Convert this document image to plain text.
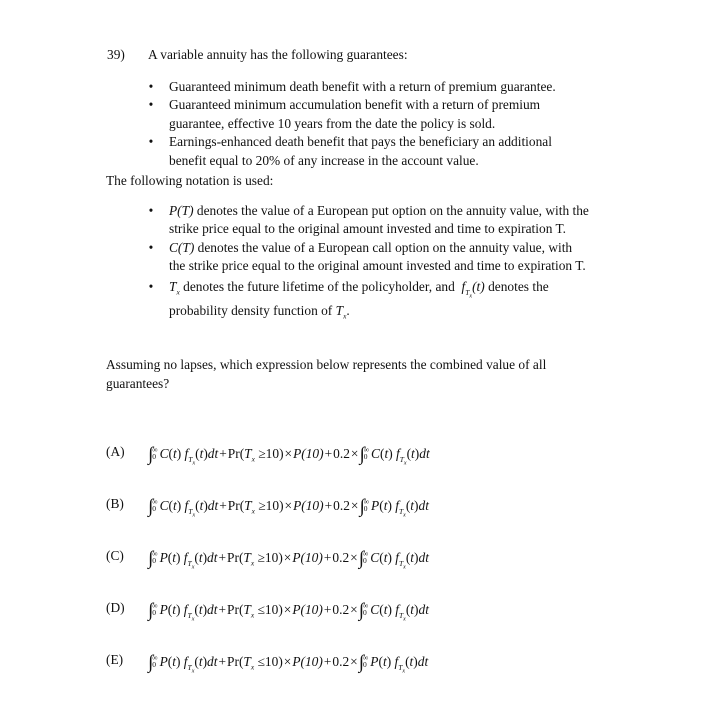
39) A variable annuity has the following guarantees:
• Guaranteed minimum death benefit with a return of premium guarantee.
• Guaranteed minimum accumulation benefit with a return of premium
guarantee, effective 10 years from the date the policy is sold.
• Earnings-enhanced death benefit that pays the beneficiary an additional
benefit equal to 20% of any increase in the account value.
The following notation is used:
• P(T) denotes the value of a European put option on the annuity value, with the
strike price equal to the original amount invested and time to expiration T.
• C(T) denotes the value of a European call option on the annuity value, with
the strike price equal to the original amount invested and time to expiration T.
• $T_x$ denotes the future lifetime of the policyholder, and $f_{T_x}(t)$ denotes the
probability density function of $T_x$.
Assuming no lapses, which expression below represents the combined value of all
guarantees?
(A) ∫ ∞
0 C(t) $f_{T_x}(t)dt+Pr(T_x \ge 10)\times P(10)+0.2\times\int$ ∞
0 C(t) $f_{T_x}(t)dt$
(B) ∫ ∞
0 C(t) $f_{T_x}(t)dt+Pr(T_x \ge 10)\times P(10)+0.2\times\int$ ∞
0 P(t) $f_{T_x}(t)dt$
(C) ∫ ∞
0 P(t) $f_{T_x}(t)dt+Pr(T_x \ge 10)\times P(10)+0.2\times\int$ ∞
0 C(t) $f_{T_x}(t)dt$
(D) ∫ ∞
0 P(t) $f_{T_x}(t)dt+Pr(T_x \le 10)\times P(10)+0.2\times\int$ ∞
0 C(t) $f_{T_x}(t)dt$
(E) ∫ ∞
0 P(t) $f_{T_x}(t)dt+Pr(T_x \le 10)\times P(10)+0.2\times\int$ ∞
0 P(t) $f_{T_x}(t)dt$
